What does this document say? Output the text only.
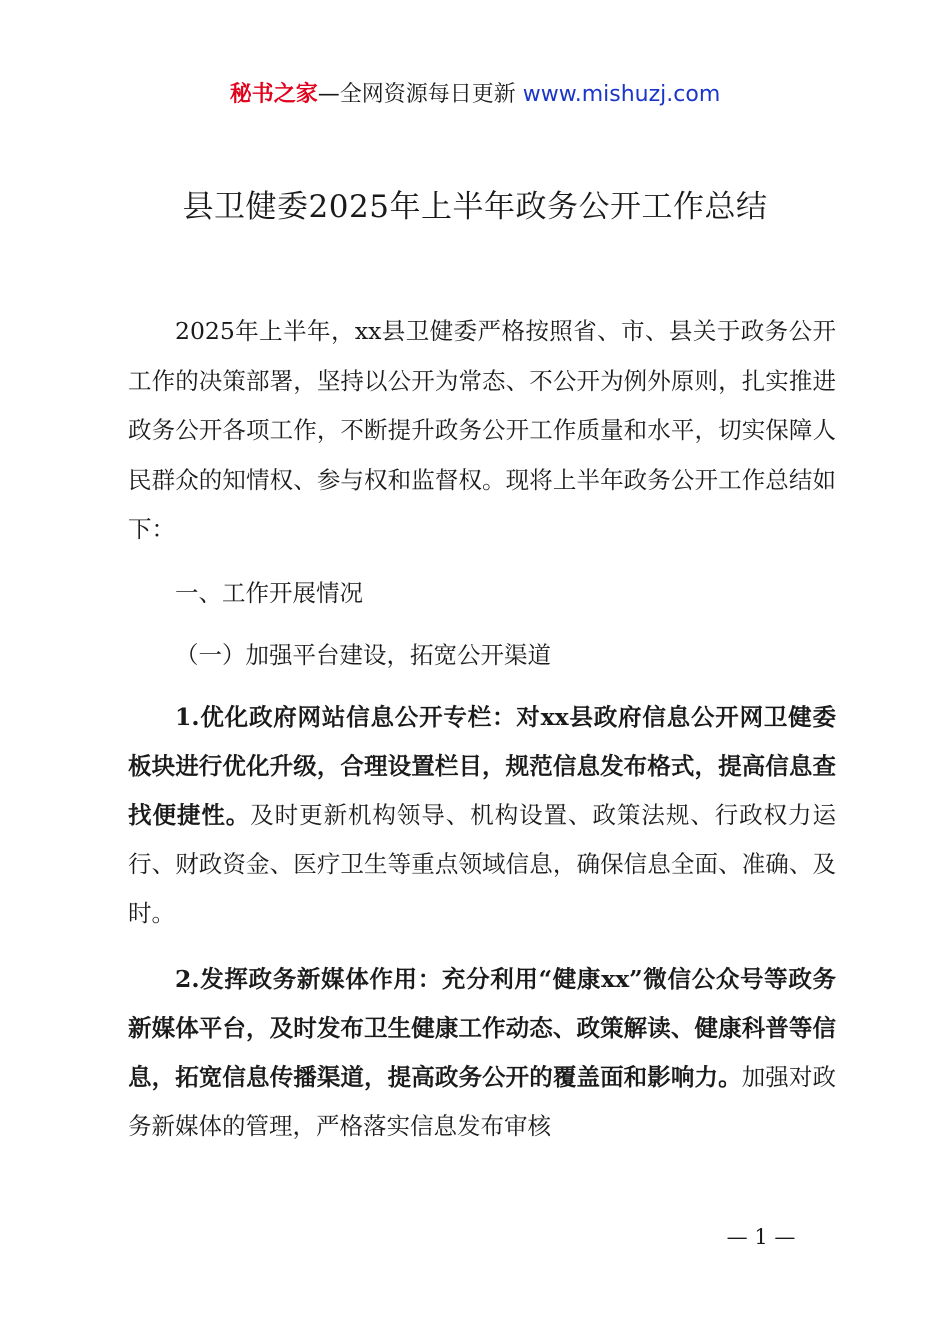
秘书之家—全网资源每日更新 www.mishuzj.com
县卫健委2025年上半年政务公开工作总结

2025年上半年，xx县卫健委严格按照省、市、县关于政务公开工作的决策部署，坚持以公开为常态、不公开为例外原则，扎实推进政务公开各项工作，不断提升政务公开工作质量和水平，切实保障人民群众的知情权、参与权和监督权。现将上半年政务公开工作总结如下：

一、工作开展情况

（一）加强平台建设，拓宽公开渠道

1.优化政府网站信息公开专栏：对xx县政府信息公开网卫健委板块进行优化升级，合理设置栏目，规范信息发布格式，提高信息查找便捷性。及时更新机构领导、机构设置、政策法规、行政权力运行、财政资金、医疗卫生等重点领域信息，确保信息全面、准确、及时。

2.发挥政务新媒体作用：充分利用“健康xx”微信公众号等政务新媒体平台，及时发布卫生健康工作动态、政策解读、健康科普等信息，拓宽信息传播渠道，提高政务公开的覆盖面和影响力。加强对政务新媒体的管理，严格落实信息发布审核

— 1 —
